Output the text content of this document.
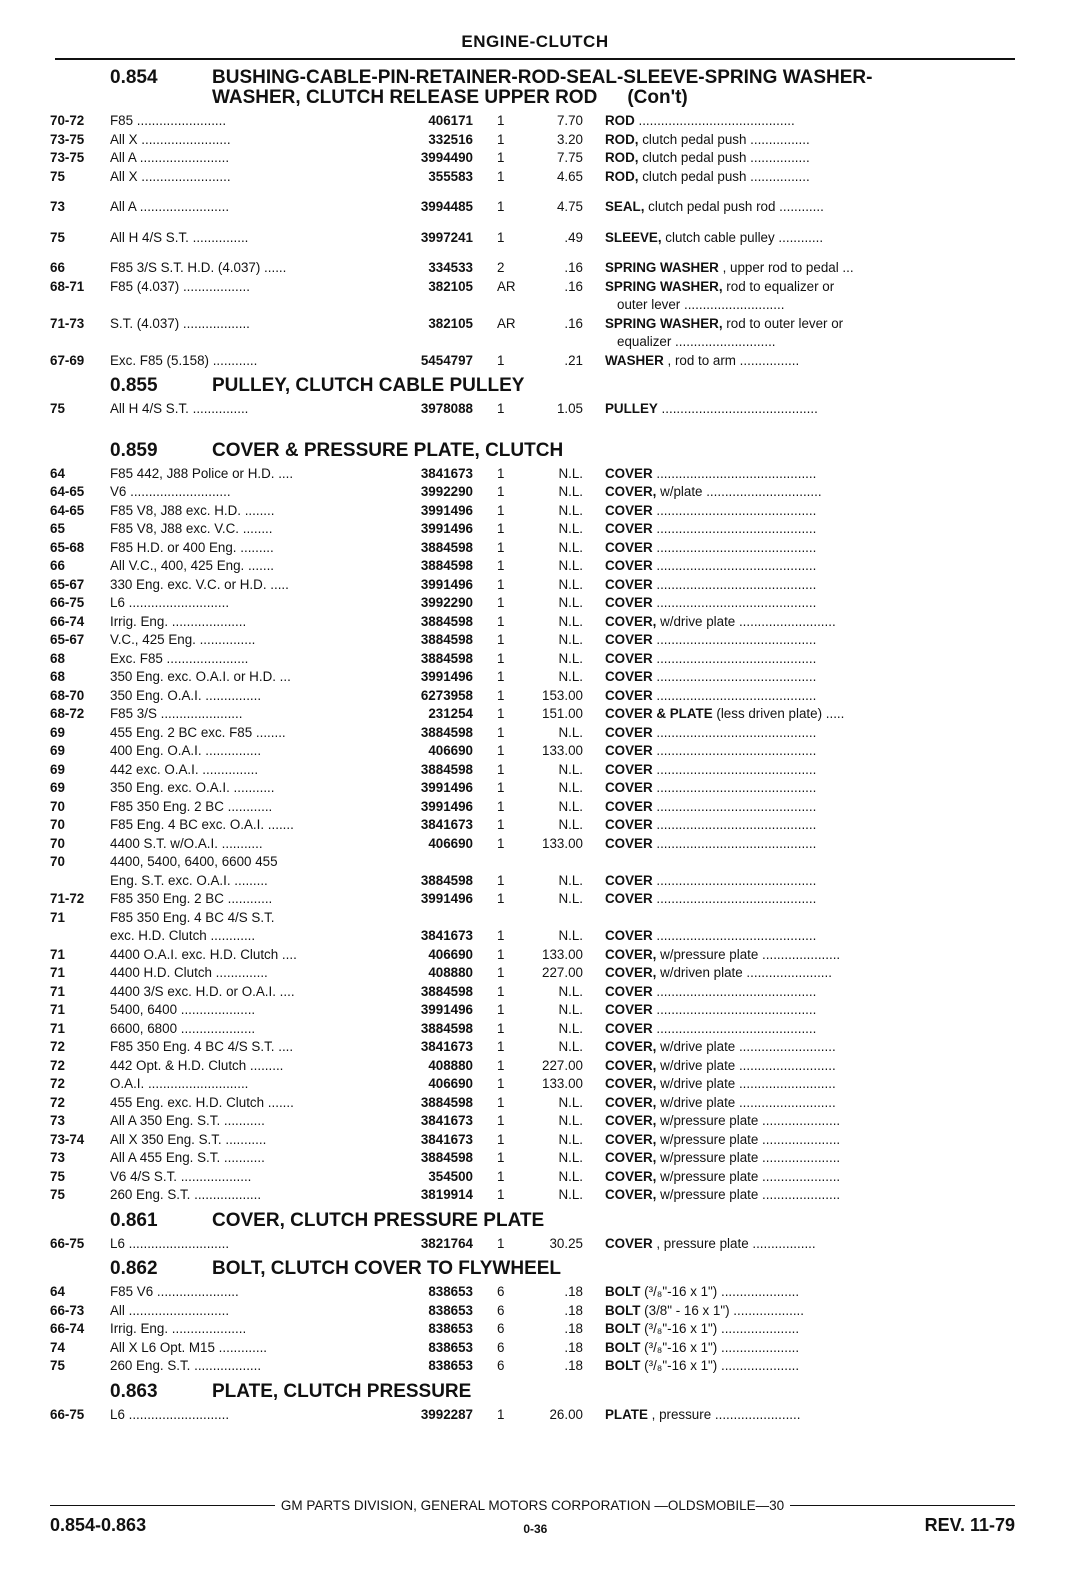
ENGINE-CLUTCH
0.854	BUSHING-CABLE-PIN-RETAINER-ROD-SEAL-SLEEVE-SPRING WASHER-
WASHER, CLUTCH RELEASE UPPER ROD (Con't)
70-72	F85 ........................	406171	1	7.70	ROD ..........................................
73-75	All X ........................	332516	1	3.20	ROD, clutch pedal push ................
73-75	All A ........................	3994490	1	7.75	ROD, clutch pedal push ................
75	All X ........................	355583	1	4.65	ROD, clutch pedal push ................
73	All A ........................	3994485	1	4.75	SEAL, clutch pedal push rod ............
75	All H 4/S S.T. ...............	3997241	1	.49	SLEEVE, clutch cable pulley ............
66	F85 3/S S.T. H.D. (4.037) ......	334533	2	.16	SPRING WASHER , upper rod to pedal ...
68-71	F85 (4.037) ..................	382105	AR	.16	SPRING WASHER, rod to equalizer or
outer lever ...........................
71-73	S.T. (4.037) ..................	382105	AR	.16	SPRING WASHER, rod to outer lever or
equalizer ...........................
67-69	Exc. F85 (5.158) ............	5454797	1	.21	WASHER , rod to arm ................
0.855	PULLEY, CLUTCH CABLE PULLEY
75	All H 4/S S.T. ...............	3978088	1	1.05	PULLEY ..........................................
0.859	COVER & PRESSURE PLATE, CLUTCH
64	F85 442, J88 Police or H.D. ....	3841673	1	N.L.	COVER ...........................................
64-65	V6 ...........................	3992290	1	N.L.	COVER, w/plate ...............................
64-65	F85 V8, J88 exc. H.D. ........	3991496	1	N.L.	COVER ...........................................
65	F85 V8, J88 exc. V.C. ........	3991496	1	N.L.	COVER ...........................................
65-68	F85 H.D. or 400 Eng. .........	3884598	1	N.L.	COVER ...........................................
66	All V.C., 400, 425 Eng. .......	3884598	1	N.L.	COVER ...........................................
65-67	330 Eng. exc. V.C. or H.D. .....	3991496	1	N.L.	COVER ...........................................
66-75	L6 ...........................	3992290	1	N.L.	COVER ...........................................
66-74	Irrig. Eng. ....................	3884598	1	N.L.	COVER, w/drive plate ..........................
65-67	V.C., 425 Eng. ...............	3884598	1	N.L.	COVER ...........................................
68	Exc. F85 ......................	3884598	1	N.L.	COVER ...........................................
68	350 Eng. exc. O.A.I. or H.D. ...	3991496	1	N.L.	COVER ...........................................
68-70	350 Eng. O.A.I. ...............	6273958	1	153.00	COVER ...........................................
68-72	F85 3/S ......................	231254	1	151.00	COVER & PLATE (less driven plate) .....
69	455 Eng. 2 BC exc. F85 ........	3884598	1	N.L.	COVER ...........................................
69	400 Eng. O.A.I. ...............	406690	1	133.00	COVER ...........................................
69	442 exc. O.A.I. ...............	3884598	1	N.L.	COVER ...........................................
69	350 Eng. exc. O.A.I. ...........	3991496	1	N.L.	COVER ...........................................
70	F85 350 Eng. 2 BC ............	3991496	1	N.L.	COVER ...........................................
70	F85 Eng. 4 BC exc. O.A.I. .......	3841673	1	N.L.	COVER ...........................................
70	4400 S.T. w/O.A.I. ...........	406690	1	133.00	COVER ...........................................
70	4400, 5400, 6400, 6600 455
Eng. S.T. exc. O.A.I. .........	3884598	1	N.L.	COVER ...........................................
71-72	F85 350 Eng. 2 BC ............	3991496	1	N.L.	COVER ...........................................
71	F85 350 Eng. 4 BC 4/S S.T.
exc. H.D. Clutch ............	3841673	1	N.L.	COVER ...........................................
71	4400 O.A.I. exc. H.D. Clutch ....	406690	1	133.00	COVER, w/pressure plate .....................
71	4400 H.D. Clutch ..............	408880	1	227.00	COVER, w/driven plate .......................
71	4400 3/S exc. H.D. or O.A.I. ....	3884598	1	N.L.	COVER ...........................................
71	5400, 6400 ....................	3991496	1	N.L.	COVER ...........................................
71	6600, 6800 ....................	3884598	1	N.L.	COVER ...........................................
72	F85 350 Eng. 4 BC 4/S S.T. ....	3841673	1	N.L.	COVER, w/drive plate ..........................
72	442 Opt. & H.D. Clutch .........	408880	1	227.00	COVER, w/drive plate ..........................
72	O.A.I. ...........................	406690	1	133.00	COVER, w/drive plate ..........................
72	455 Eng. exc. H.D. Clutch .......	3884598	1	N.L.	COVER, w/drive plate ..........................
73	All A 350 Eng. S.T. ...........	3841673	1	N.L.	COVER, w/pressure plate .....................
73-74	All X 350 Eng. S.T. ...........	3841673	1	N.L.	COVER, w/pressure plate .....................
73	All A 455 Eng. S.T. ...........	3884598	1	N.L.	COVER, w/pressure plate .....................
75	V6 4/S S.T. ...................	354500	1	N.L.	COVER, w/pressure plate .....................
75	260 Eng. S.T. ..................	3819914	1	N.L.	COVER, w/pressure plate .....................
0.861	COVER, CLUTCH PRESSURE PLATE
66-75	L6 ...........................	3821764	1	30.25	COVER , pressure plate .................
0.862	BOLT, CLUTCH COVER TO FLYWHEEL
64	F85 V6 ......................	838653	6	.18	BOLT (³/₈"-16 x 1") .....................
66-73	All ...........................	838653	6	.18	BOLT (3/8" - 16 x 1") ...................
66-74	Irrig. Eng. ....................	838653	6	.18	BOLT (³/₈"-16 x 1") .....................
74	All X L6 Opt. M15 .............	838653	6	.18	BOLT (³/₈"-16 x 1") .....................
75	260 Eng. S.T. ..................	838653	6	.18	BOLT (³/₈"-16 x 1") .....................
0.863	PLATE, CLUTCH PRESSURE
66-75	L6 ...........................	3992287	1	26.00	PLATE , pressure .......................
GM PARTS DIVISION, GENERAL MOTORS CORPORATION —OLDSMOBILE—30
0.854-0.863	0-36	REV. 11-79
